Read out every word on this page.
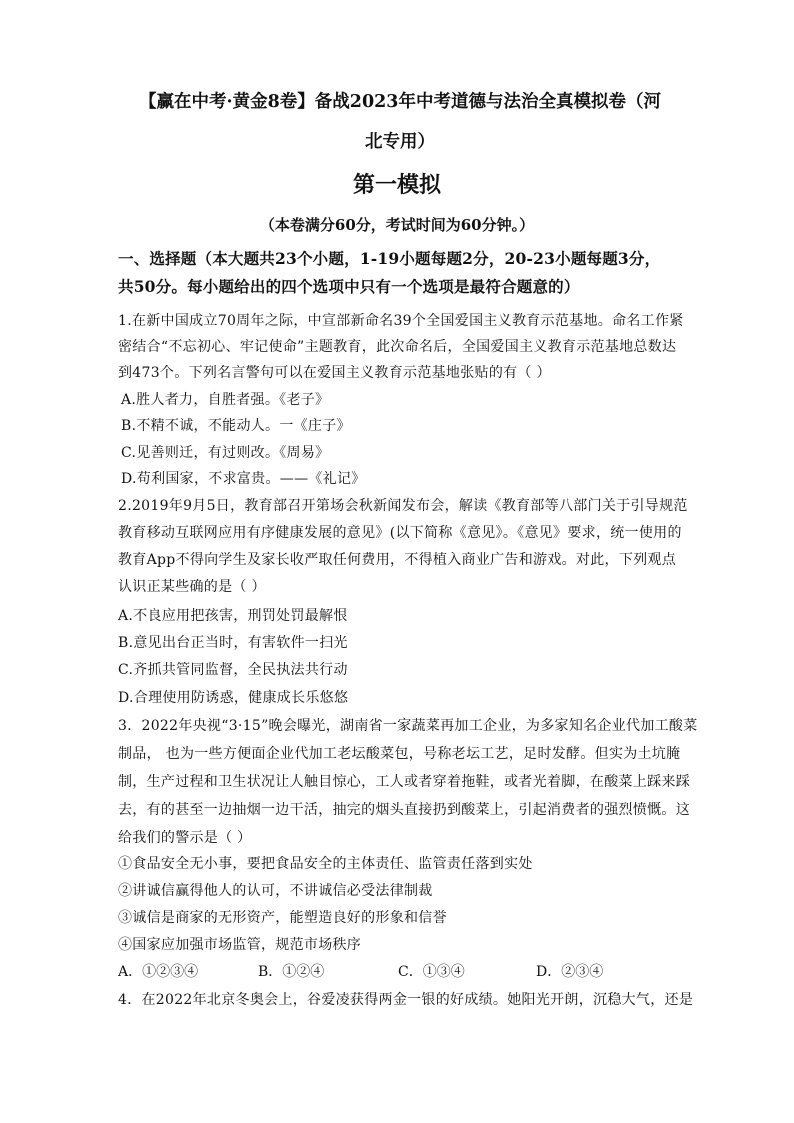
【赢在中考·黄金8卷】备战2023年中考道德与法治全真模拟卷（河
北专用）
第一模拟
（本卷满分60分，考试时间为60分钟。）
一、选择题（本大题共23个小题，1-19小题每题2分，20-23小题每题3分，
共50分。每小题给出的四个选项中只有一个选项是最符合题意的）
1.在新中国成立70周年之际，中宣部新命名39个全国爱国主义教育示范基地。命名工作紧
密结合“不忘初心、牢记使命”主题教育，此次命名后，全国爱国主义教育示范基地总数达
到473个。下列名言警句可以在爱国主义教育示范基地张贴的有（ ）
A.胜人者力，自胜者强。《老子》
B.不精不诚，不能动人。一《庄子》
C.见善则迁，有过则改。《周易》
D.苟利国家，不求富贵。——《礼记》
2.2019年9月5日，教育部召开第场会秋新闻发布会，解读《教育部等八部门关于引导规范
教育移动互联网应用有序健康发展的意见》(以下简称《意见》。《意见》要求，统一使用的
教育App不得向学生及家长收严取任何费用，不得植入商业广告和游戏。对此，下列观点
认识正某些确的是（ ）
A.不良应用把孩害，刑罚处罚最解恨
B.意见出台正当时，有害软件一扫光
C.齐抓共管同监督，全民执法共行动
D.合理使用防诱惑，健康成长乐悠悠
3．2022年央视“3·15”晚会曝光，湖南省一家蔬菜再加工企业，为多家知名企业代加工酸菜
制品， 也为一些方便面企业代加工老坛酸菜包，号称老坛工艺，足时发酵。但实为土坑腌
制，生产过程和卫生状况让人触目惊心，工人或者穿着拖鞋，或者光着脚，在酸菜上踩来踩
去，有的甚至一边抽烟一边干活，抽完的烟头直接扔到酸菜上，引起消费者的强烈愤慨。这
给我们的警示是（ ）
①食品安全无小事，要把食品安全的主体责任、监管责任落到实处
②讲诚信赢得他人的认可，不讲诚信必受法律制裁
③诚信是商家的无形资产，能塑造良好的形象和信誉
④国家应加强市场监管，规范市场秩序
A．①②③④	B．①②④	C．①③④	D．②③④
4．在2022年北京冬奥会上，谷爱凌获得两金一银的好成绩。她阳光开朗，沉稳大气，还是
